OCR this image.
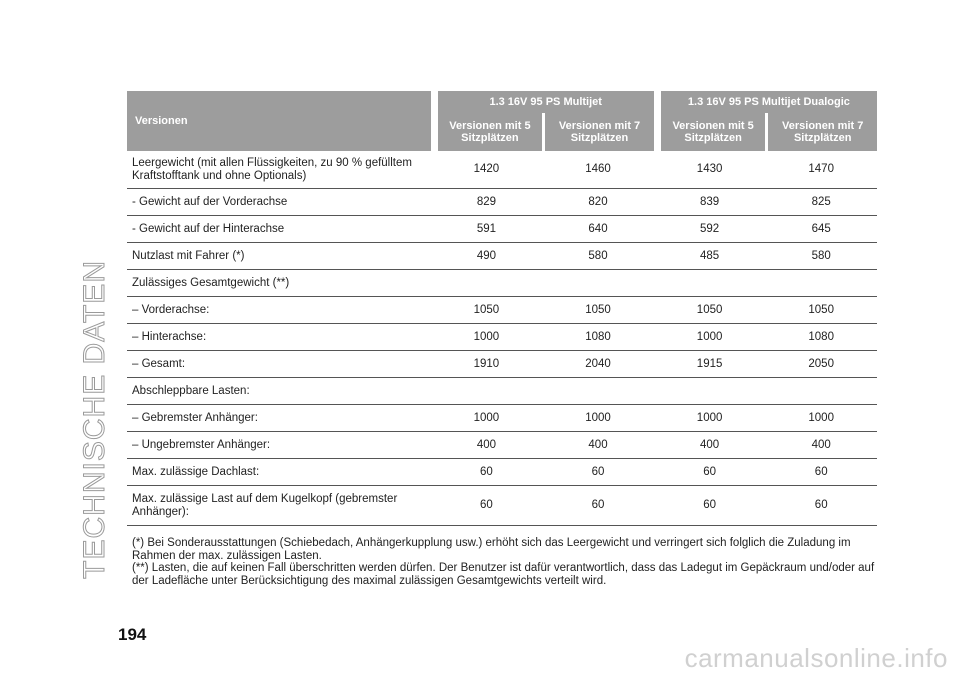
TECHNISCHE DATEN
Versionen	1.3 16V 95 PS Multijet		1.3 16V 95 PS Multijet Dualogic	
	Versionen mit 5 Sitzplätzen	Versionen mit 7 Sitzplätzen	Versionen mit 5 Sitzplätzen	Versionen mit 7 Sitzplätzen
Leergewicht (mit allen Flüssigkeiten, zu 90 % gefülltem Kraftstofftank und ohne Optionals)	1420	1460	1430	1470
- Gewicht auf der Vorderachse	829	820	839	825
- Gewicht auf der Hinterachse	591	640	592	645
Nutzlast mit Fahrer (*)	490	580	485	580
Zulässiges Gesamtgewicht (**)				
– Vorderachse:	1050	1050	1050	1050
– Hinterachse:	1000	1080	1000	1080
– Gesamt:	1910	2040	1915	2050
Abschleppbare Lasten:				
– Gebremster Anhänger:	1000	1000	1000	1000
– Ungebremster Anhänger:	400	400	400	400
Max. zulässige Dachlast:	60	60	60	60
Max. zulässige Last auf dem Kugelkopf (gebremster Anhänger):	60	60	60	60
(*) Bei Sonderausstattungen (Schiebedach, Anhängerkupplung usw.) erhöht sich das Leergewicht und verringert sich folglich die Zuladung im Rahmen der max. zulässigen Lasten.
(**) Lasten, die auf keinen Fall überschritten werden dürfen. Der Benutzer ist dafür verantwortlich, dass das Ladegut im Gepäckraum und/oder auf der Ladefläche unter Berücksichtigung des maximal zulässigen Gesamtgewichts verteilt wird.
194
carmanualsonline.info
